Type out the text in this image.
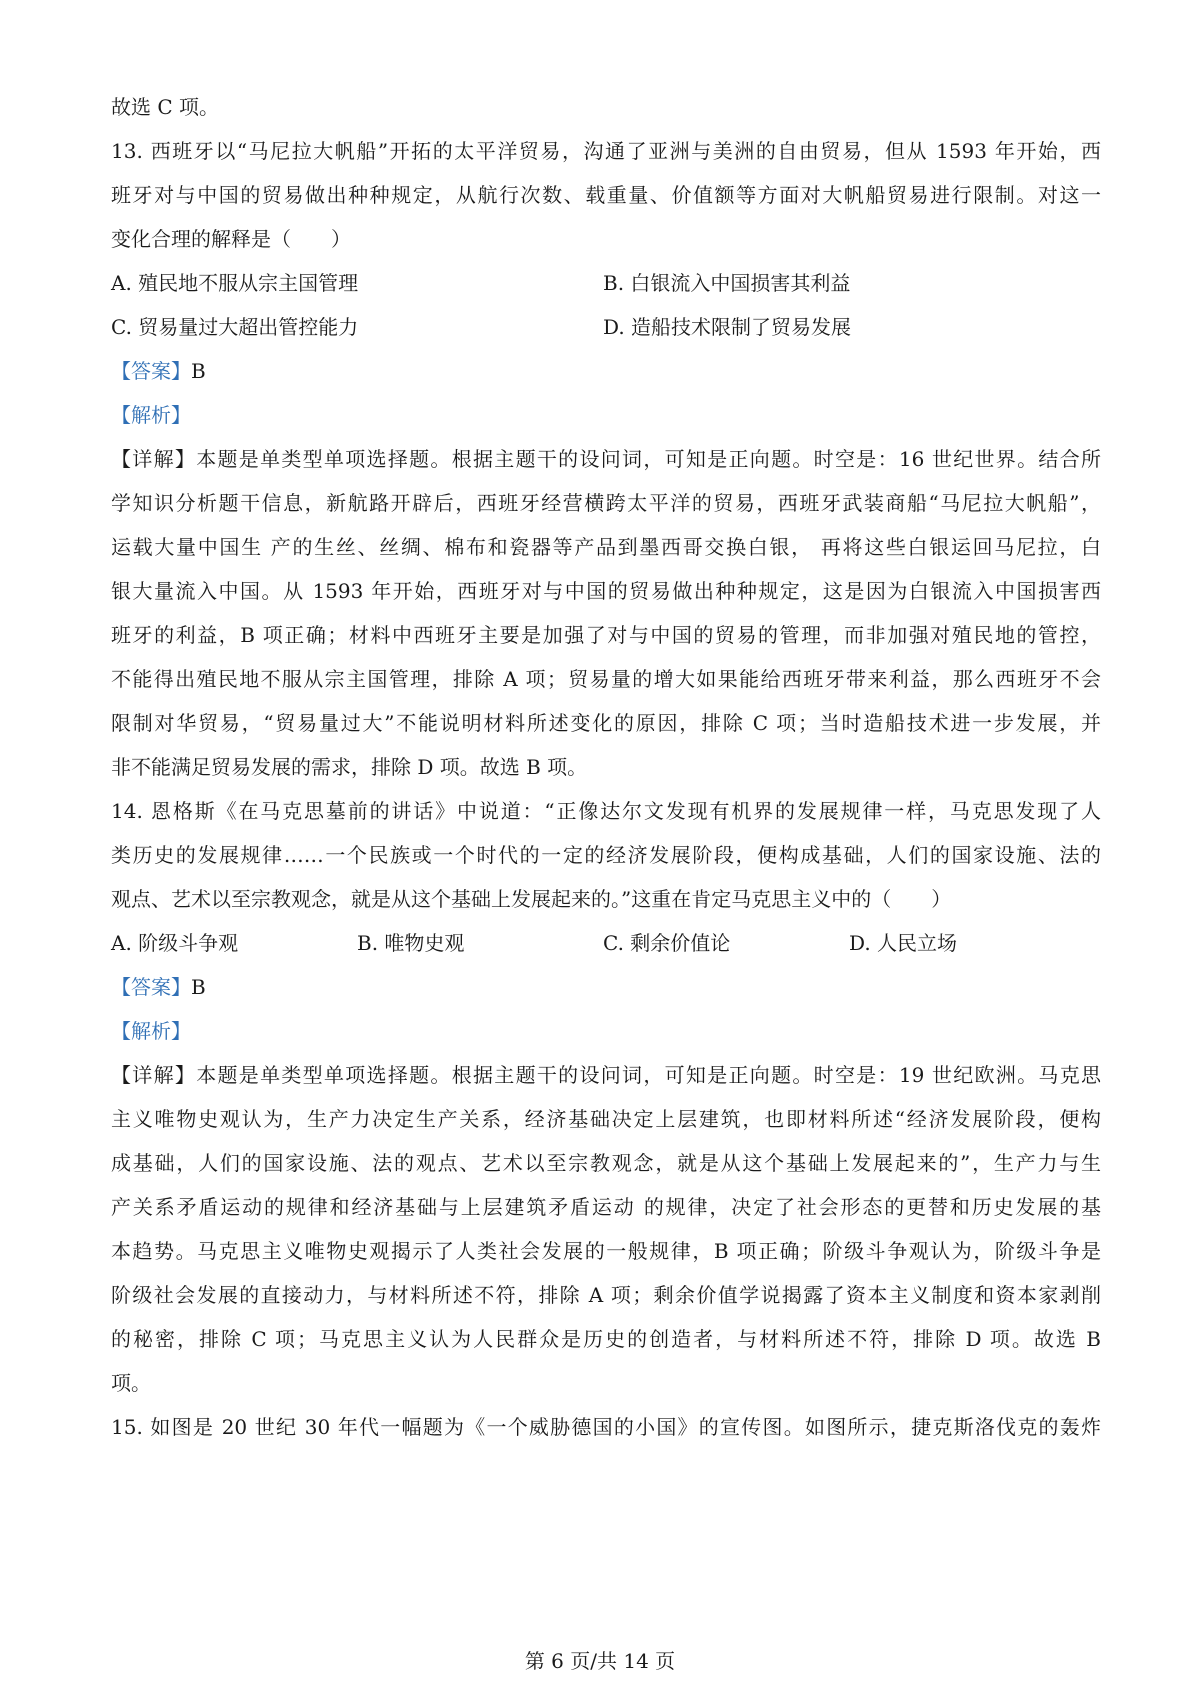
故选 C 项。
13. 西班牙以“马尼拉大帆船”开拓的太平洋贸易，沟通了亚洲与美洲的自由贸易，但从 1593 年开始，西
班牙对与中国的贸易做出种种规定，从航行次数、载重量、价值额等方面对大帆船贸易进行限制。对这一
变化合理的解释是（　　）
A. 殖民地不服从宗主国管理	B. 白银流入中国损害其利益
C. 贸易量过大超出管控能力	D. 造船技术限制了贸易发展
【答案】B
【解析】
【详解】本题是单类型单项选择题。根据主题干的设问词，可知是正向题。时空是：16 世纪世界。结合所
学知识分析题干信息，新航路开辟后，西班牙经营横跨太平洋的贸易，西班牙武装商船“马尼拉大帆船”，
运载大量中国生 产的生丝、丝绸、棉布和瓷器等产品到墨西哥交换白银， 再将这些白银运回马尼拉，白
银大量流入中国。从 1593 年开始，西班牙对与中国的贸易做出种种规定，这是因为白银流入中国损害西
班牙的利益，B 项正确；材料中西班牙主要是加强了对与中国的贸易的管理，而非加强对殖民地的管控，
不能得出殖民地不服从宗主国管理，排除 A 项；贸易量的增大如果能给西班牙带来利益，那么西班牙不会
限制对华贸易，“贸易量过大”不能说明材料所述变化的原因，排除 C 项；当时造船技术进一步发展，并
非不能满足贸易发展的需求，排除 D 项。故选 B 项。
14. 恩格斯《在马克思墓前的讲话》中说道：“正像达尔文发现有机界的发展规律一样，马克思发现了人
类历史的发展规律……一个民族或一个时代的一定的经济发展阶段，便构成基础，人们的国家设施、法的
观点、艺术以至宗教观念，就是从这个基础上发展起来的。”这重在肯定马克思主义中的（　　）
A. 阶级斗争观	B. 唯物史观	C. 剩余价值论	D. 人民立场
【答案】B
【解析】
【详解】本题是单类型单项选择题。根据主题干的设问词，可知是正向题。时空是：19 世纪欧洲。马克思
主义唯物史观认为，生产力决定生产关系，经济基础决定上层建筑，也即材料所述“经济发展阶段，便构
成基础，人们的国家设施、法的观点、艺术以至宗教观念，就是从这个基础上发展起来的”，生产力与生
产关系矛盾运动的规律和经济基础与上层建筑矛盾运动 的规律，决定了社会形态的更替和历史发展的基
本趋势。马克思主义唯物史观揭示了人类社会发展的一般规律，B 项正确；阶级斗争观认为，阶级斗争是
阶级社会发展的直接动力，与材料所述不符，排除 A 项；剩余价值学说揭露了资本主义制度和资本家剥削
的秘密，排除 C 项；马克思主义认为人民群众是历史的创造者，与材料所述不符，排除 D 项。故选 B
项。
15. 如图是 20 世纪 30 年代一幅题为《一个威胁德国的小国》的宣传图。如图所示，捷克斯洛伐克的轰炸
第 6 页/共 14 页
